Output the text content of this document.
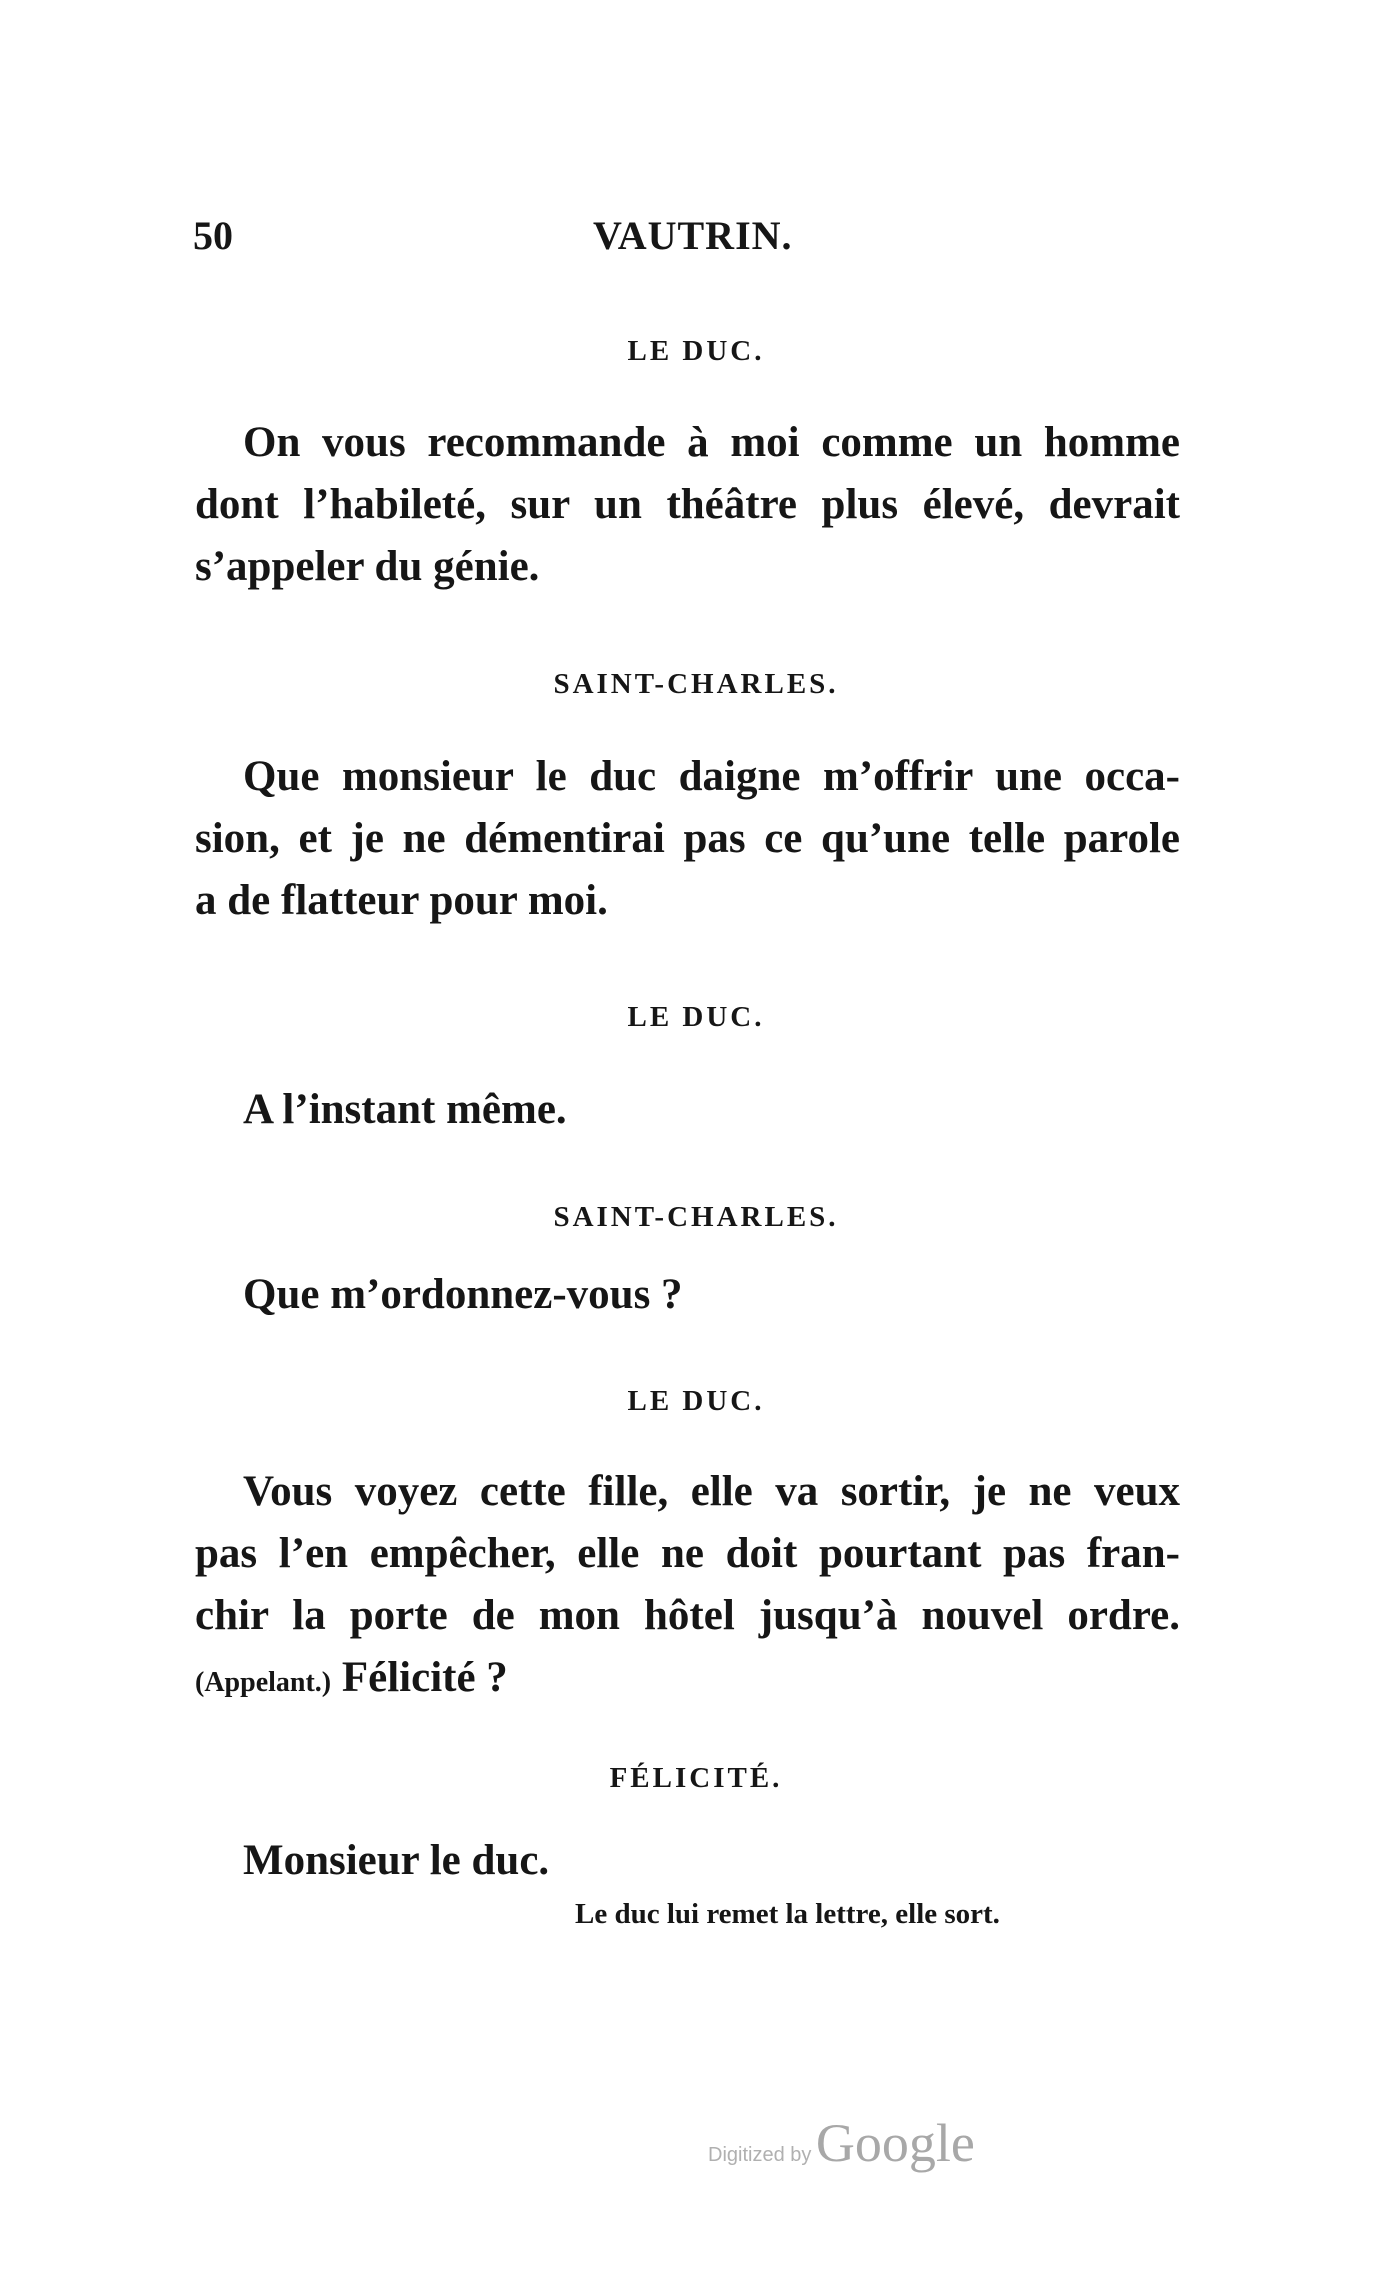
50	VAUTRIN.
LE DUC.
On vous recommande à moi comme un homme
dont l’habileté, sur un théâtre plus élevé, devrait
s’appeler du génie.
SAINT-CHARLES.
Que monsieur le duc daigne m’offrir une occa-
sion, et je ne démentirai pas ce qu’une telle parole
a de flatteur pour moi.
LE DUC.
A l’instant même.
SAINT-CHARLES.
Que m’ordonnez-vous ?
LE DUC.
Vous voyez cette fille, elle va sortir, je ne veux
pas l’en empêcher, elle ne doit pourtant pas fran-
chir la porte de mon hôtel jusqu’à nouvel ordre.
(Appelant.) Félicité ?
FÉLICITÉ.
Monsieur le duc.
Le duc lui remet la lettre, elle sort.
Digitized by Google
